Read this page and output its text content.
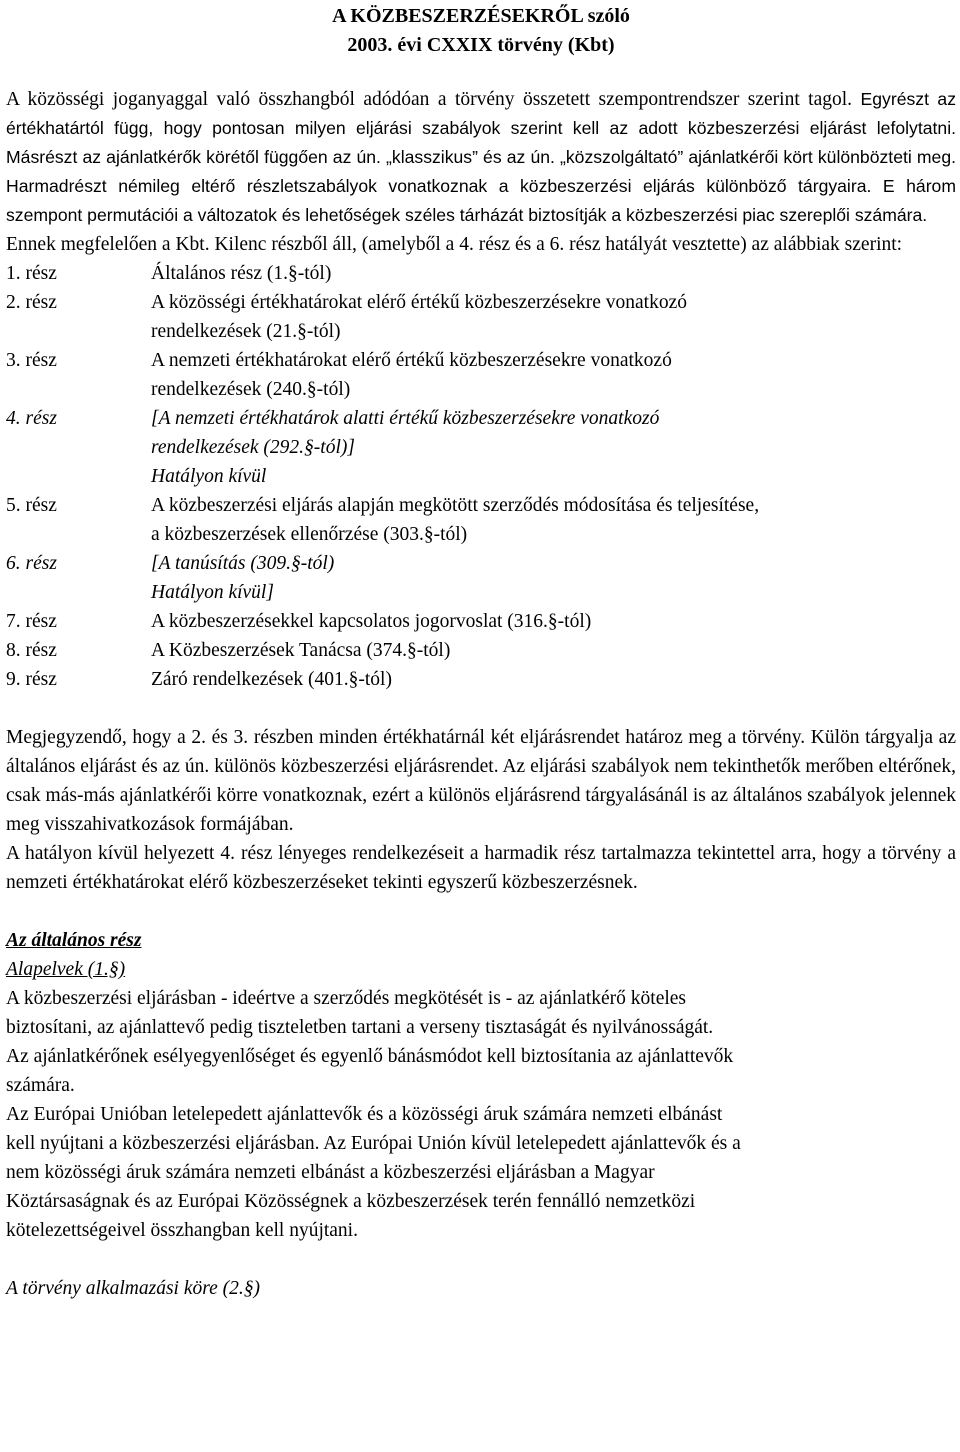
A KÖZBESZERZÉSEKRŐL szóló
2003. évi CXXIX törvény (Kbt)

A közösségi joganyaggal való összhangból adódóan a törvény összetett szempontrendszer szerint tagol. Egyrészt az értékhatártól függ, hogy pontosan milyen eljárási szabályok szerint kell az adott közbeszerzési eljárást lefolytatni. Másrészt az ajánlatkérők körétől függően az ún. „klasszikus” és az ún. „közszolgáltató” ajánlatkérői kört különbözteti meg. Harmadrészt némileg eltérő részletszabályok vonatkoznak a közbeszerzési eljárás különböző tárgyaira. E három szempont permutációi a változatok és lehetőségek széles tárházát biztosítják a közbeszerzési piac szereplői számára.

Ennek megfelelően a Kbt. Kilenc részből áll, (amelyből a 4. rész és a 6. rész hatályát vesztette) az alábbiak szerint:

1. rész	Általános rész (1.§-tól)
2. rész	A közösségi értékhatárokat elérő értékű közbeszerzésekre vonatkozó
rendelkezések (21.§-tól)
3. rész	A nemzeti értékhatárokat elérő értékű közbeszerzésekre vonatkozó
rendelkezések (240.§-tól)
4. rész	[A nemzeti értékhatárok alatti értékű közbeszerzésekre vonatkozó
rendelkezések (292.§-tól)]
Hatályon kívül
5. rész	A közbeszerzési eljárás alapján megkötött szerződés módosítása és teljesítése,
a közbeszerzések ellenőrzése (303.§-tól)
6. rész	[A tanúsítás (309.§-tól)
Hatályon kívül]
7. rész	A közbeszerzésekkel kapcsolatos jogorvoslat (316.§-tól)
8. rész	A Közbeszerzések Tanácsa (374.§-tól)
9. rész	Záró rendelkezések (401.§-tól)

Megjegyzendő, hogy a 2. és 3. részben minden értékhatárnál két eljárásrendet határoz meg a törvény. Külön tárgyalja az általános eljárást és az ún. különös közbeszerzési eljárásrendet. Az eljárási szabályok nem tekinthetők merőben eltérőnek, csak más-más ajánlatkérői körre vonatkoznak, ezért a különös eljárásrend tárgyalásánál is az általános szabályok jelennek meg visszahivatkozások formájában.

A hatályon kívül helyezett 4. rész lényeges rendelkezéseit a harmadik rész tartalmazza tekintettel arra, hogy a törvény a nemzeti értékhatárokat elérő közbeszerzéseket tekinti egyszerű közbeszerzésnek.

Az általános rész
Alapelvek (1.§)
A közbeszerzési eljárásban - ideértve a szerződés megkötését is - az ajánlatkérő köteles
biztosítani, az ajánlattevő pedig tiszteletben tartani a verseny tisztaságát és nyilvánosságát.
Az ajánlatkérőnek esélyegyenlőséget és egyenlő bánásmódot kell biztosítania az ajánlattevők
számára.
Az Európai Unióban letelepedett ajánlattevők és a közösségi áruk számára nemzeti elbánást
kell nyújtani a közbeszerzési eljárásban. Az Európai Unión kívül letelepedett ajánlattevők és a
nem közösségi áruk számára nemzeti elbánást a közbeszerzési eljárásban a Magyar
Köztársaságnak és az Európai Közösségnek a közbeszerzések terén fennálló nemzetközi
kötelezettségeivel összhangban kell nyújtani.
A törvény alkalmazási köre (2.§)
